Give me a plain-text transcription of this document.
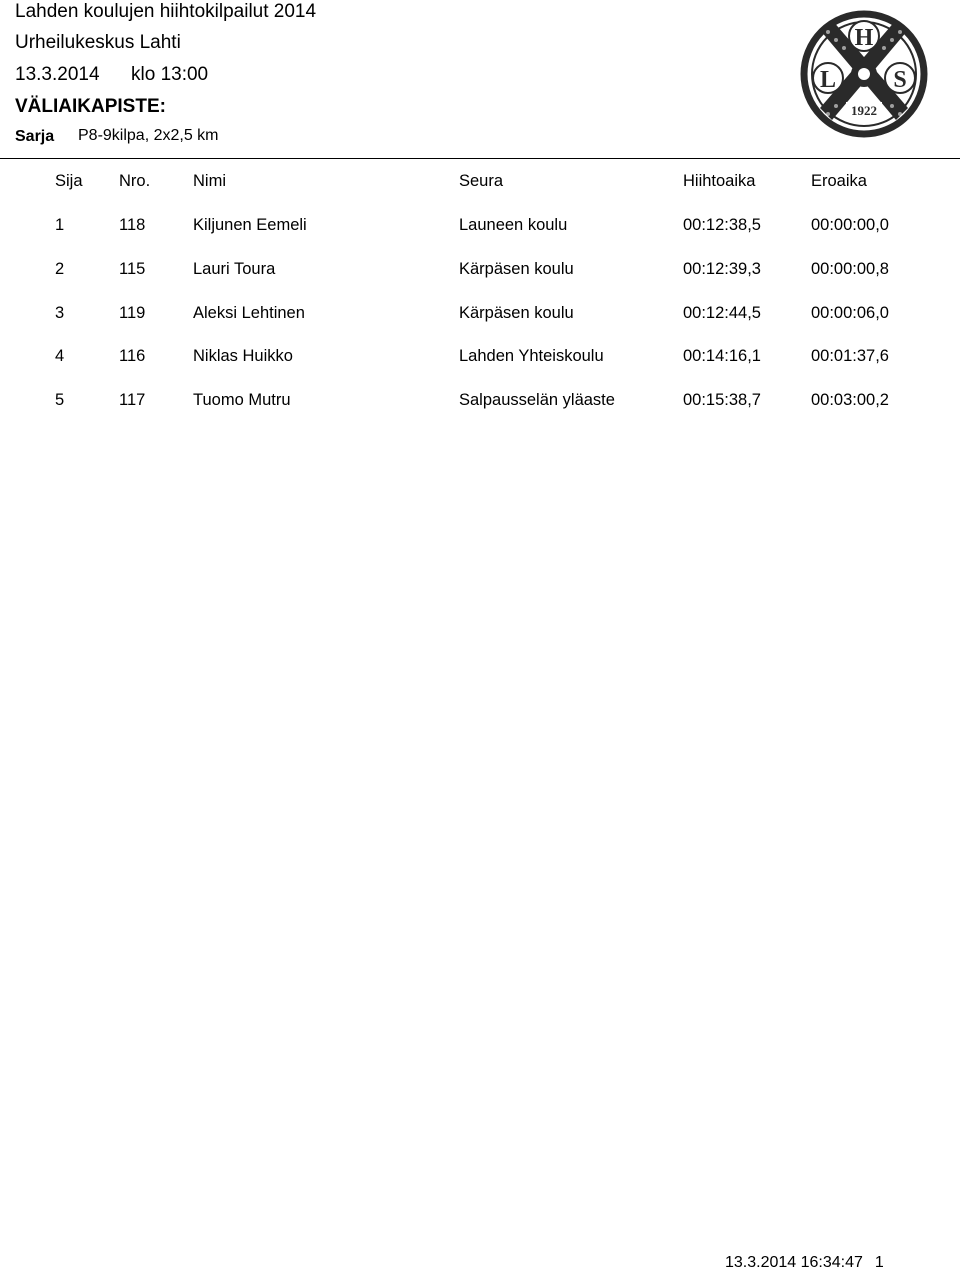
Lahden koulujen hiihtokilpailut 2014
Urheilukeskus Lahti
13.3.2014 klo 13:00
VÄLIAIKAPISTE:
Sarja P8-9kilpa, 2x2,5 km
H
L S
1922
Sija Nro.	Nimi	Seura	Hiihtoaika	Eroaika
1	118	Kiljunen Eemeli	Launeen koulu	00:12:38,5	00:00:00,0
2	115	Lauri Toura	Kärpäsen koulu	00:12:39,3	00:00:00,8
3	119	Aleksi Lehtinen	Kärpäsen koulu	00:12:44,5	00:00:06,0
4	116	Niklas Huikko	Lahden Yhteiskoulu	00:14:16,1	00:01:37,6
5	117	Tuomo Mutru	Salpausselän yläaste	00:15:38,7	00:03:00,2
13.3.2014 16:34:47 1
